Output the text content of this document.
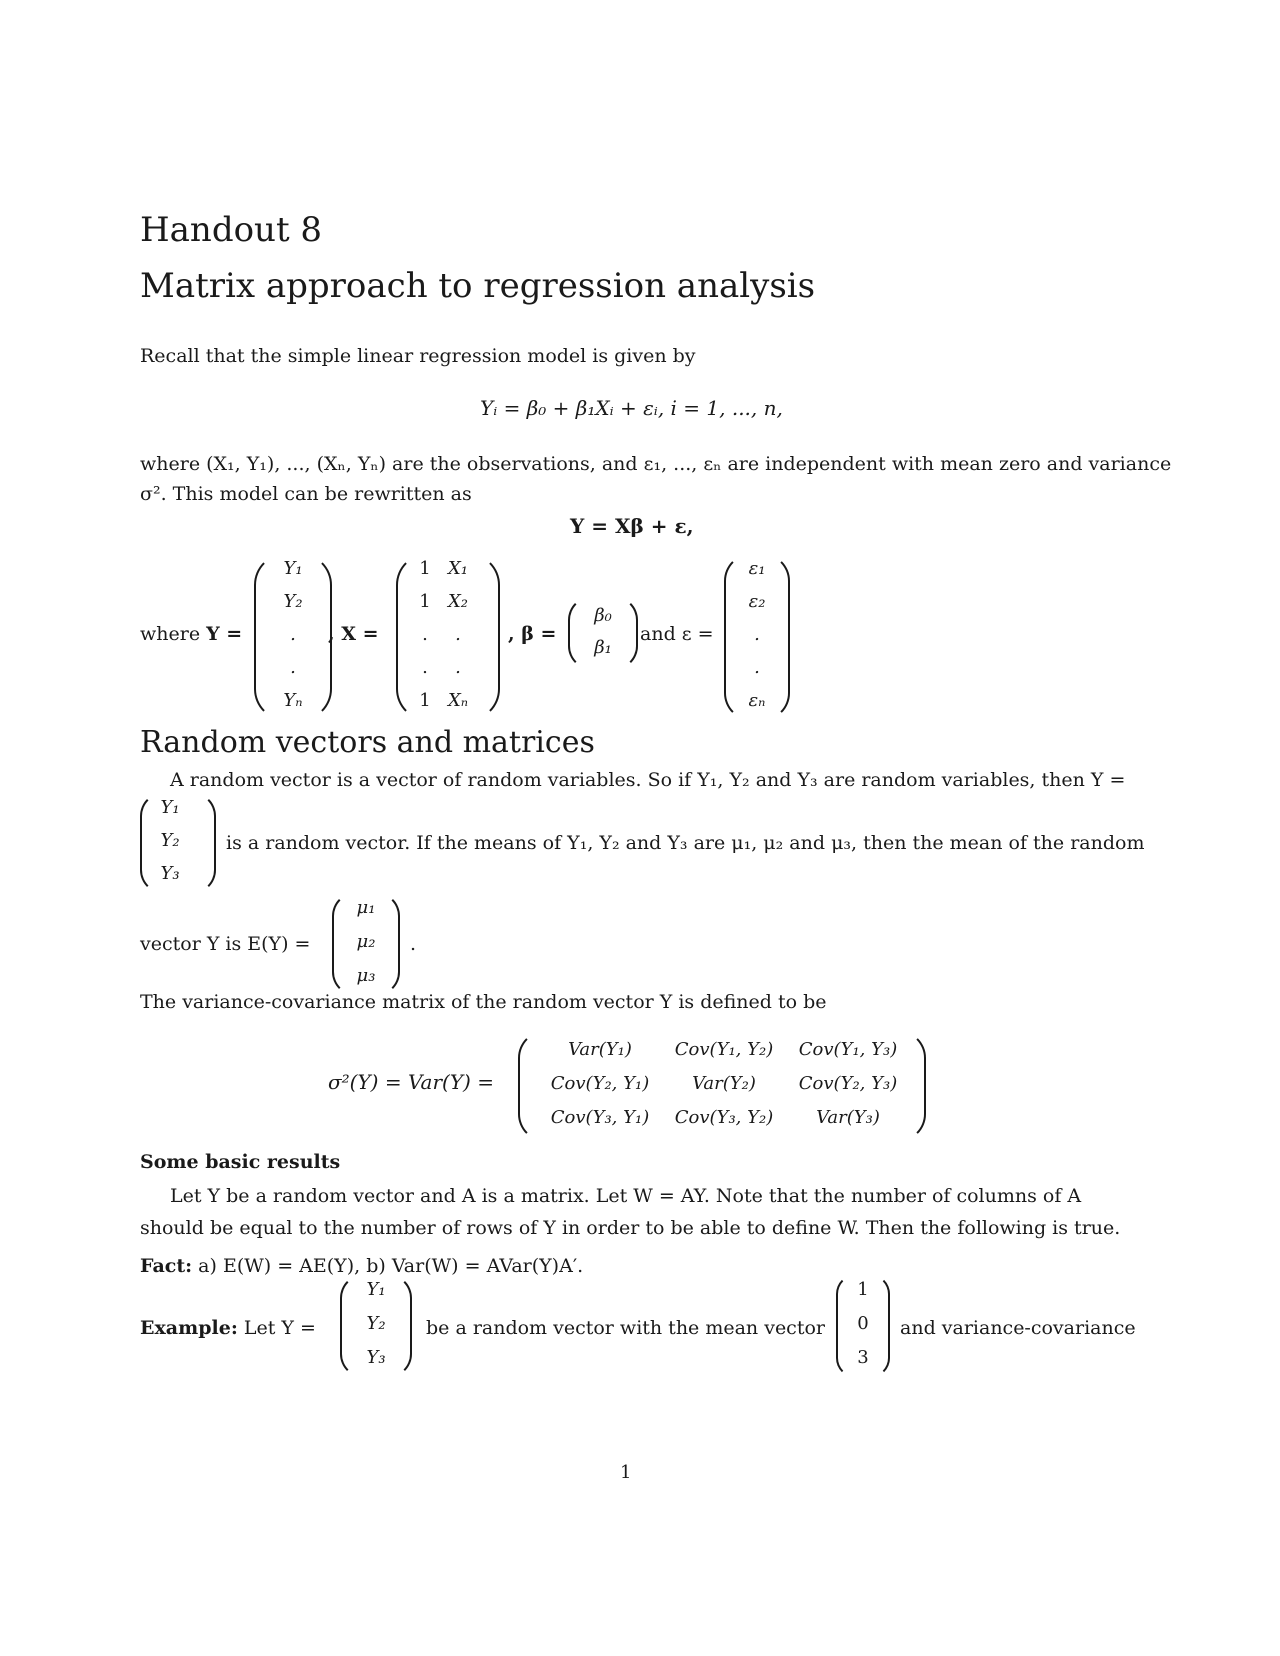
Handout 8
Matrix approach to regression analysis
Recall that the simple linear regression model is given by
Yᵢ = β₀ + β₁Xᵢ + εᵢ, i = 1, ..., n,
where (X₁, Y₁), ..., (Xₙ, Yₙ) are the observations, and ε₁, ..., εₙ are independent with mean zero and variance
σ². This model can be rewritten as
Y = Xβ + ε,
where Y =
Y₁
Y₂
.
.
Yₙ
, X =
1 X₁
1 X₂
.	.
.	.
1 Xₙ
, β =
β₀
β₁
and ε =
ε₁
ε₂
.
.
εₙ
Random vectors and matrices
A random vector is a vector of random variables. So if Y₁, Y₂ and Y₃ are random variables, then Y =
Y₁
Y₂
Y₃
is a random vector. If the means of Y₁, Y₂ and Y₃ are μ₁, μ₂ and μ₃, then the mean of the random
vector Y is E(Y) =
μ₁
μ₂
μ₃
.
The variance-covariance matrix of the random vector Y is defined to be
σ²(Y) = Var(Y) =
Var(Y₁)	Cov(Y₁, Y₂)	Cov(Y₁, Y₃)
Cov(Y₂, Y₁)	Var(Y₂)	Cov(Y₂, Y₃)
Cov(Y₃, Y₁)	Cov(Y₃, Y₂)	Var(Y₃)
Some basic results
Let Y be a random vector and A is a matrix. Let W = AY. Note that the number of columns of A
should be equal to the number of rows of Y in order to be able to define W. Then the following is true.
Fact: a) E(W) = AE(Y), b) Var(W) = AVar(Y)A′.
Example: Let Y =
Y₁
Y₂
Y₃
be a random vector with the mean vector
1
0
3
and variance-covariance
1
